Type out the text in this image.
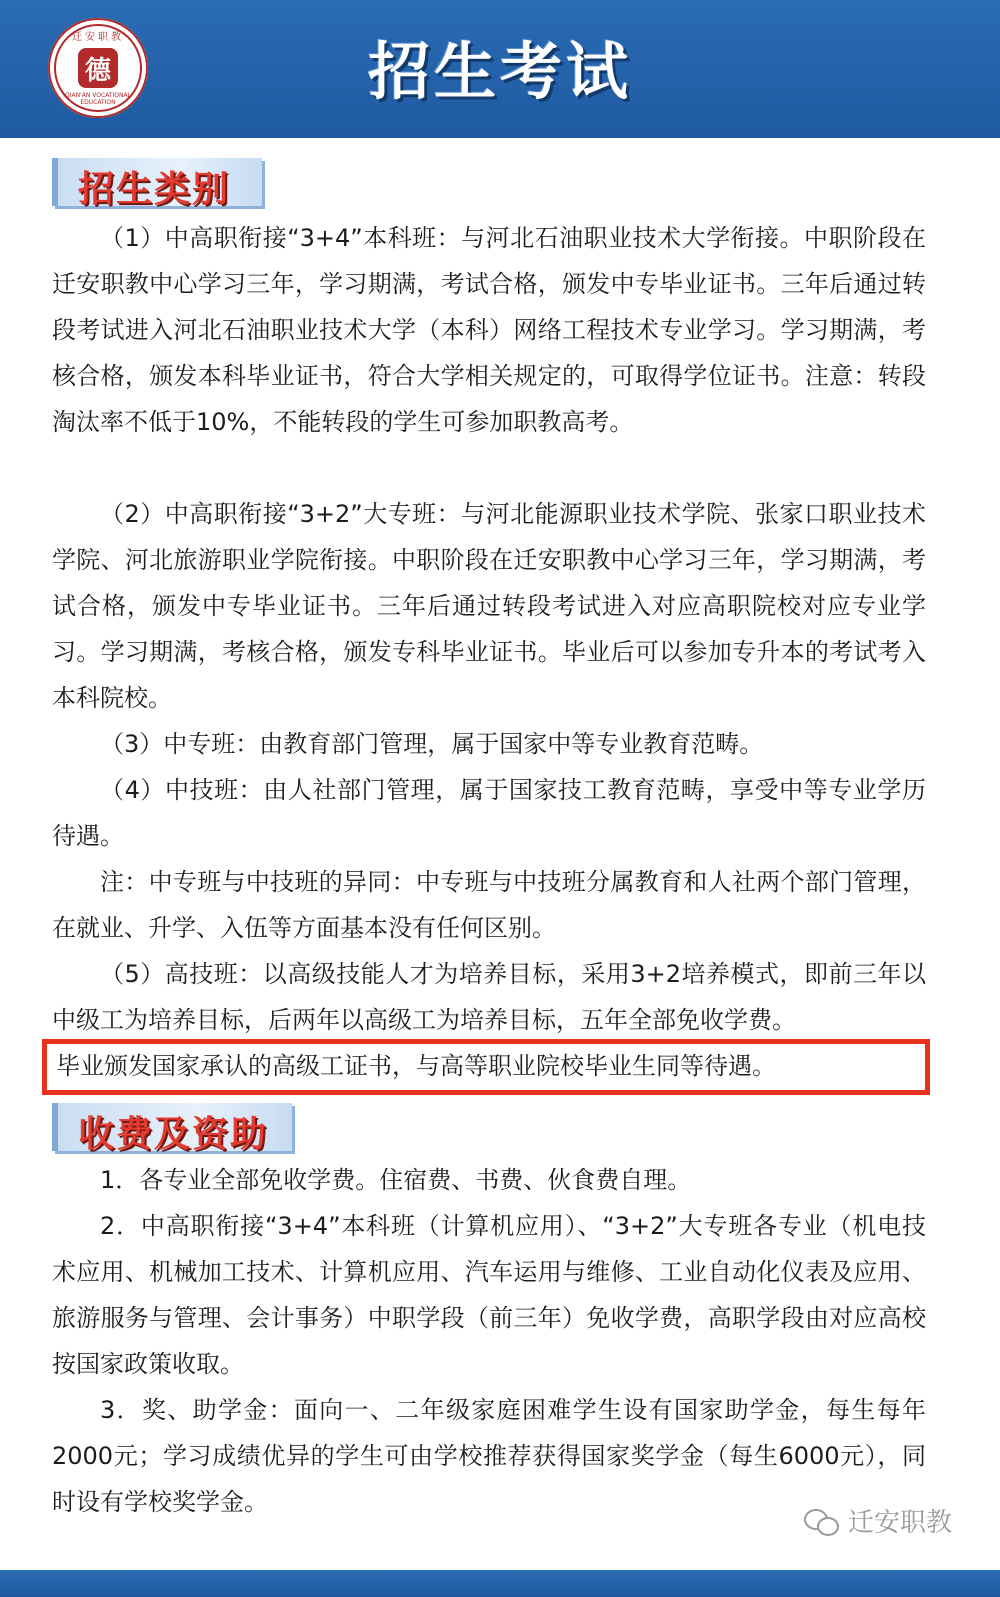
迁安职教
德
QIAN'AN VOCATIONAL EDUCATION	招生考试
招生类别

（1）中高职衔接“3+4”本科班：与河北石油职业技术大学衔接。中职阶段在迁安职教中心学习三年，学习期满，考试合格，颁发中专毕业证书。三年后通过转段考试进入河北石油职业技术大学（本科）网络工程技术专业学习。学习期满，考核合格，颁发本科毕业证书，符合大学相关规定的，可取得学位证书。注意：转段淘汰率不低于10%，不能转段的学生可参加职教高考。

（2）中高职衔接“3+2”大专班：与河北能源职业技术学院、张家口职业技术学院、河北旅游职业学院衔接。中职阶段在迁安职教中心学习三年，学习期满，考试合格，颁发中专毕业证书。三年后通过转段考试进入对应高职院校对应专业学习。学习期满，考核合格，颁发专科毕业证书。毕业后可以参加专升本的考试考入本科院校。

（3）中专班：由教育部门管理，属于国家中等专业教育范畴。

（4）中技班：由人社部门管理，属于国家技工教育范畴，享受中等专业学历待遇。

注：中专班与中技班的异同：中专班与中技班分属教育和人社两个部门管理，在就业、升学、入伍等方面基本没有任何区别。

（5）高技班：以高级技能人才为培养目标，采用3+2培养模式，即前三年以中级工为培养目标，后两年以高级工为培养目标，五年全部免收学费。

毕业颁发国家承认的高级工证书，与高等职业院校毕业生同等待遇。

收费及资助

1．各专业全部免收学费。住宿费、书费、伙食费自理。

2．中高职衔接“3+4”本科班（计算机应用）、“3+2”大专班各专业（机电技术应用、机械加工技术、计算机应用、汽车运用与维修、工业自动化仪表及应用、旅游服务与管理、会计事务）中职学段（前三年）免收学费，高职学段由对应高校按国家政策收取。

3．奖、助学金：面向一、二年级家庭困难学生设有国家助学金，每生每年2000元；学习成绩优异的学生可由学校推荐获得国家奖学金（每生6000元），同时设有学校奖学金。

迁安职教
